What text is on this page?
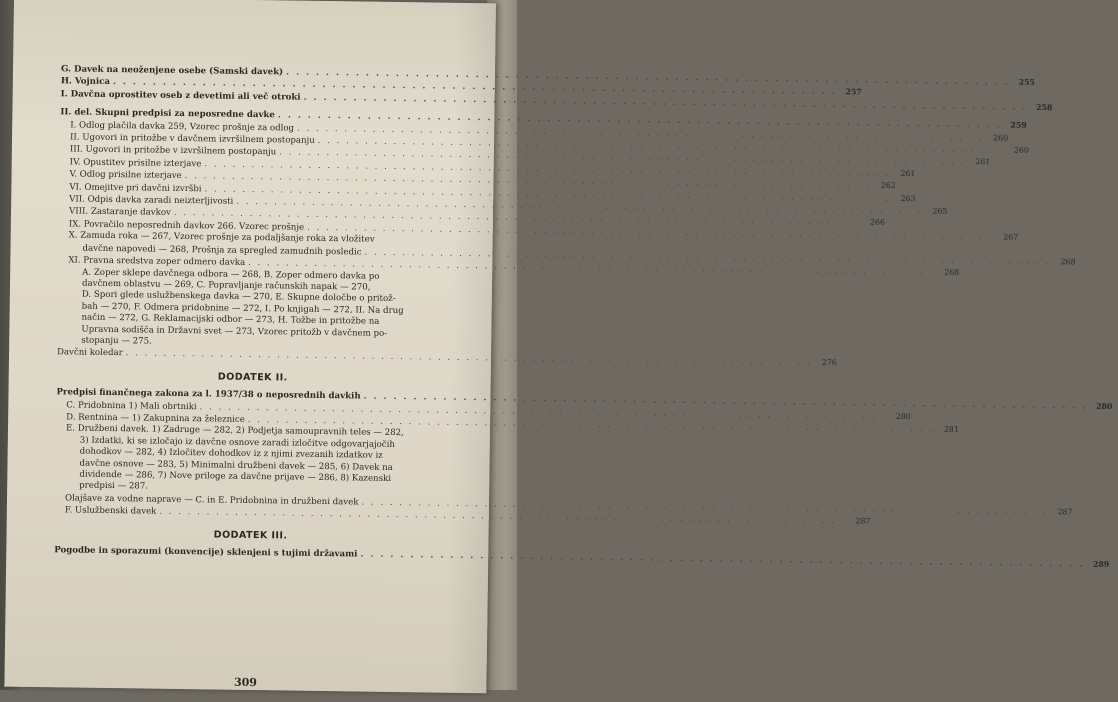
G. Davek na neoženjene osebe (Samski davek)
. . .
255
H. Vojnica
. . .
257
I. Davčna oprostitev oseb z devetimi ali več otroki
. . .
258
II. del. Skupni predpisi za neposredne davke
. . .
259
I. Odlog plačila davka 259, Vzorec prošnje za odlog
. . .
260
II. Ugovori in pritožbe v davčnem izvršilnem postopanju
. . .
260
III. Ugovori in pritožbe v izvršilnem postopanju
. . .
261
IV. Opustitev prisilne izterjave
. . .
261
V. Odlog prisilne izterjave
. . .
262
VI. Omejitve pri davčni izvršbi
. . .
263
VII. Odpis davka zaradi neizterljivosti
. . .
265
VIII. Zastaranje davkov
. . .
266
IX. Povračilo neposrednih davkov 266. Vzorec prošnje
. . .
267
X. Zamuda roka — 267, Vzorec prošnje za podaljšanje roka za vložitev
davčne napovedi — 268, Prošnja za spregled zamudnih posledic
. . .
268
XI. Pravna sredstva zoper odmero davka
. . .
268
A. Zoper sklepe davčnega odbora — 268, B. Zoper odmero davka po
davčnem oblastvu — 269, C. Popravljanje računskih napak — 270,
D. Spori glede uslužbenskega davka — 270, E. Skupne določbe o pritož-
bah — 270, F. Odmera pridobnine — 272, I. Po knjigah — 272, II. Na drug
način — 272, G. Reklamacijski odbor — 273, H. Tožbe in pritožbe na
Upravna sodišča in Državni svet — 273, Vzorec pritožb v davčnem po-
stopanju — 275.
Davčni koledar
. . .
276
DODATEK II.
Predpisi finančnega zakona za l. 1937/38 o neposrednih davkih
. . .
280
C. Pridobnina 1) Mali obrtniki
. . .
280
D. Rentnina — 1) Zakupnina za železnice
. . .
281
E. Družbeni davek. 1) Zadruge — 282, 2) Podjetja samoupravnih teles — 282,
3) Izdatki, ki se izločajo iz davčne osnove zaradi izločitve odgovarjajočih
dohodkov — 282, 4) Izločitev dohodkov iz z njimi zvezanih izdatkov iz
davčne osnove — 283, 5) Minimalni družbeni davek — 285, 6) Davek na
dividende — 286, 7) Nove priloge za davčne prijave — 286, 8) Kazenski
predpisi — 287.
Olajšave za vodne naprave — C. in E. Pridobnina in družbeni davek
. . .
287
F. Uslužbenski davek
. . .
287
DODATEK III.
Pogodbe in sporazumi (konvencije) sklenjeni s tujimi državami
. . .
289
309
